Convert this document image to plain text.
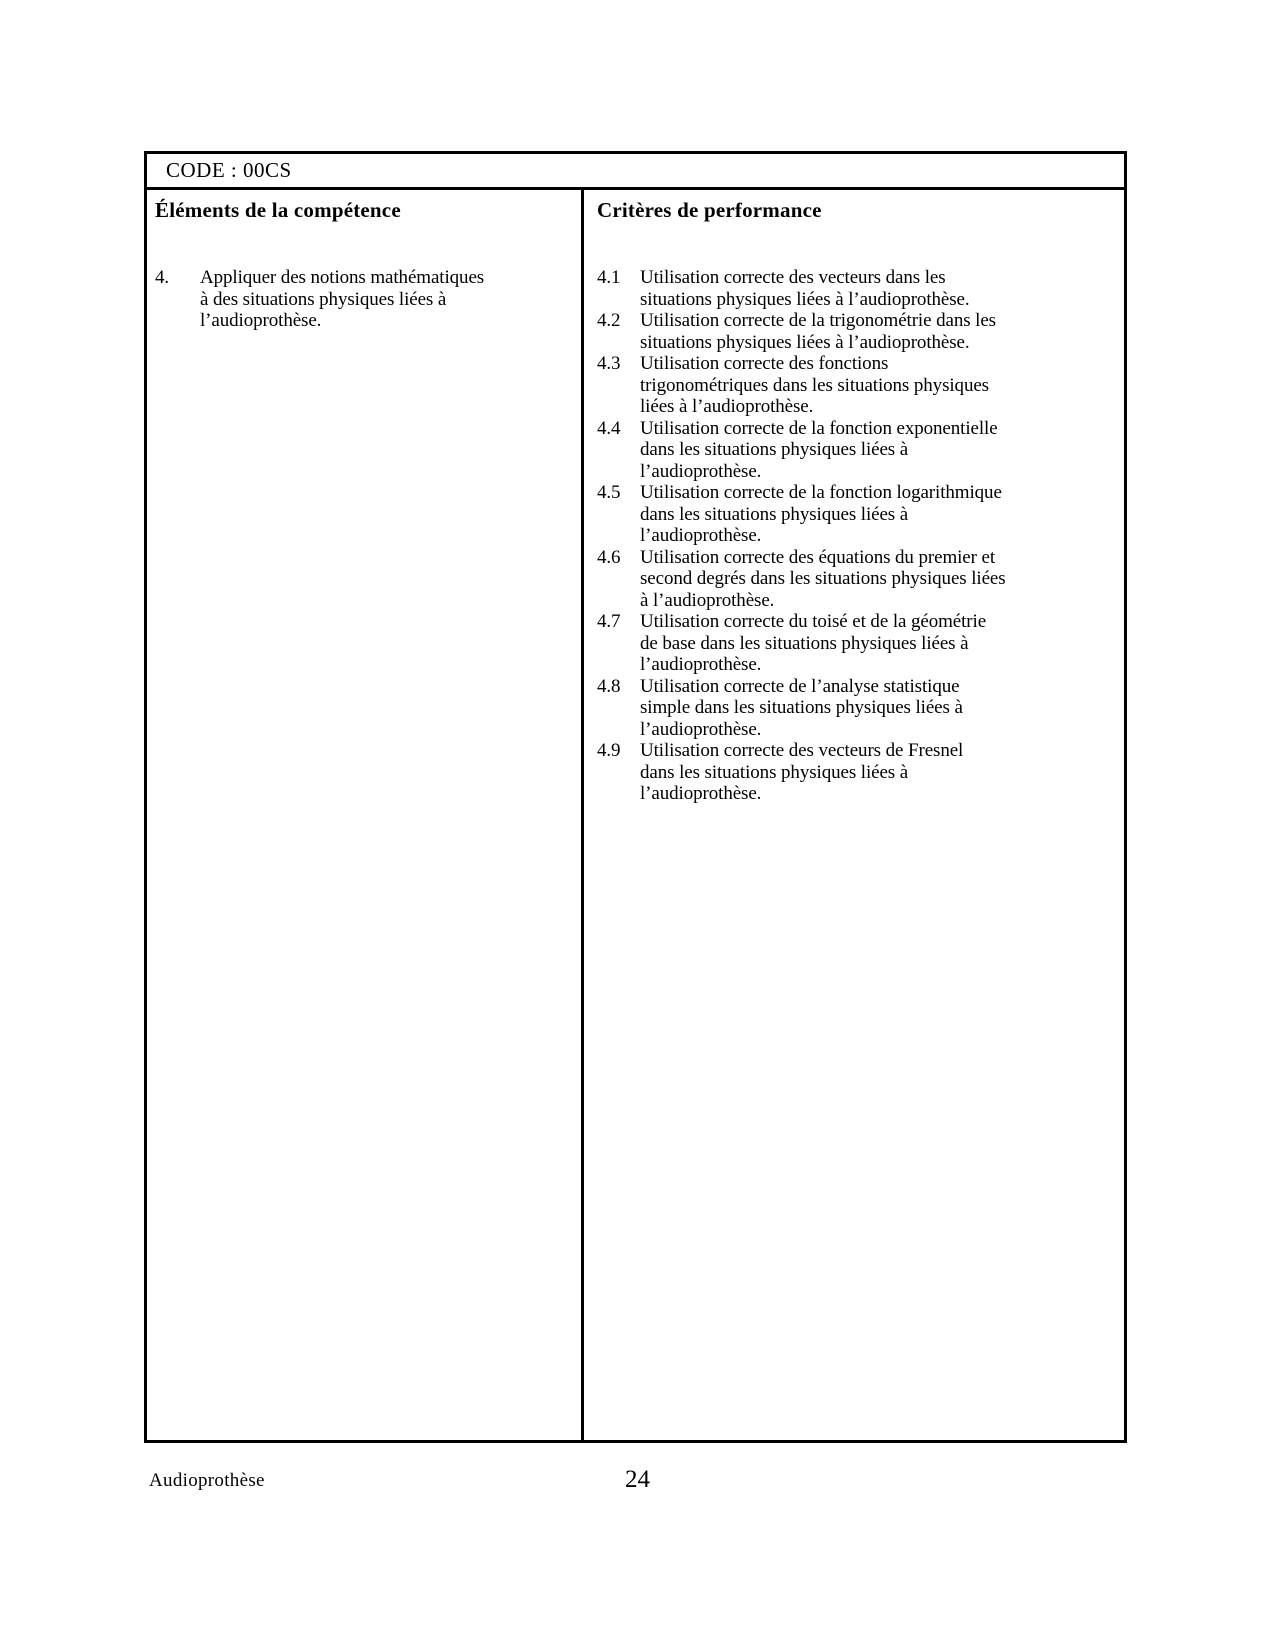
CODE : 00CS
Éléments de la compétence
4.	Appliquer des notions mathématiques
à des situations physiques liées à
l’audioprothèse.
Critères de performance
4.1	Utilisation correcte des vecteurs dans les
situations physiques liées à l’audioprothèse.
4.2	Utilisation correcte de la trigonométrie dans les
situations physiques liées à l’audioprothèse.
4.3	Utilisation correcte des fonctions
trigonométriques dans les situations physiques
liées à l’audioprothèse.
4.4	Utilisation correcte de la fonction exponentielle
dans les situations physiques liées à
l’audioprothèse.
4.5	Utilisation correcte de la fonction logarithmique
dans les situations physiques liées à
l’audioprothèse.
4.6	Utilisation correcte des équations du premier et
second degrés dans les situations physiques liées
à l’audioprothèse.
4.7	Utilisation correcte du toisé et de la géométrie
de base dans les situations physiques liées à
l’audioprothèse.
4.8	Utilisation correcte de l’analyse statistique
simple dans les situations physiques liées à
l’audioprothèse.
4.9	Utilisation correcte des vecteurs de Fresnel
dans les situations physiques liées à
l’audioprothèse.
Audioprothèse	24
